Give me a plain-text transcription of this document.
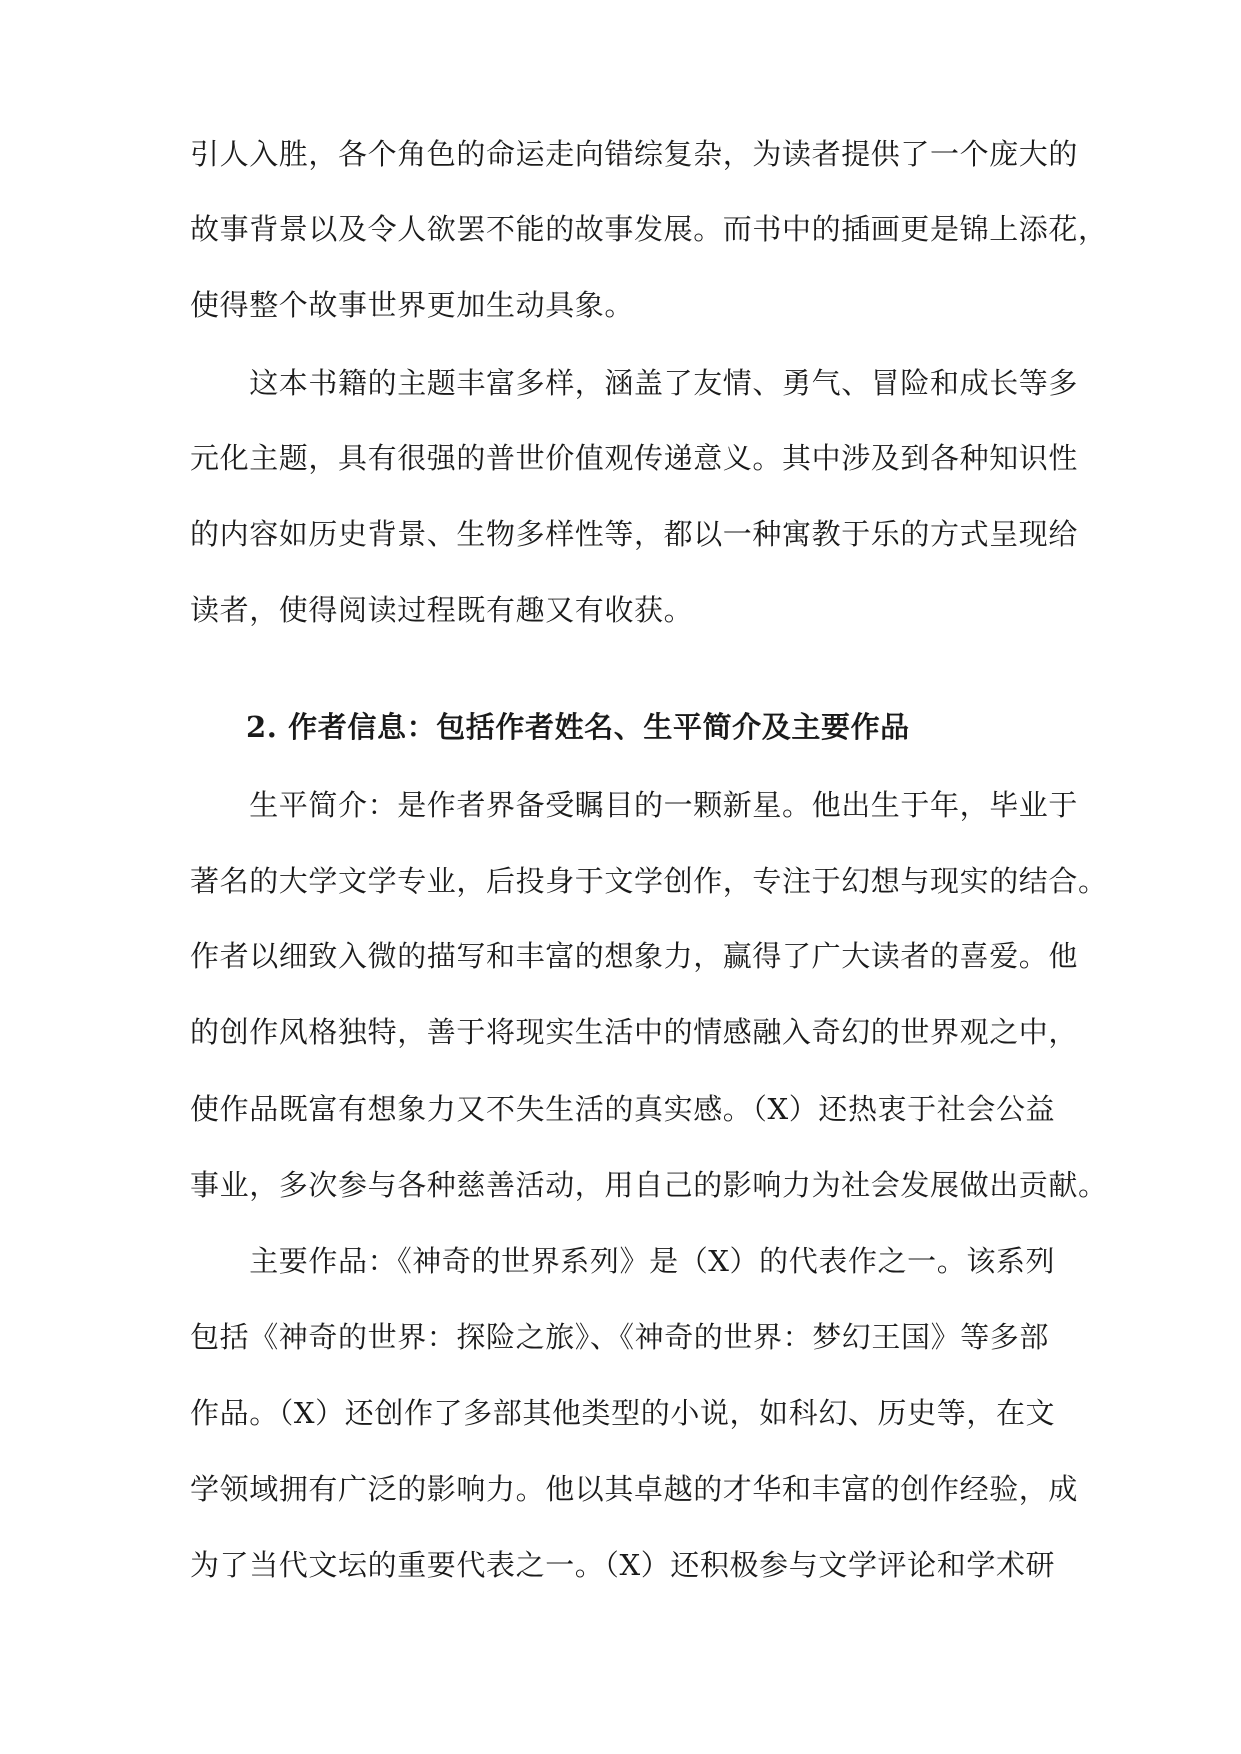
引人入胜，各个角色的命运走向错综复杂，为读者提供了一个庞大的
故事背景以及令人欲罢不能的故事发展。而书中的插画更是锦上添花，
使得整个故事世界更加生动具象。
　　这本书籍的主题丰富多样，涵盖了友情、勇气、冒险和成长等多
元化主题，具有很强的普世价值观传递意义。其中涉及到各种知识性
的内容如历史背景、生物多样性等，都以一种寓教于乐的方式呈现给
读者，使得阅读过程既有趣又有收获。
2. 作者信息：包括作者姓名、生平简介及主要作品
　　生平简介：是作者界备受瞩目的一颗新星。他出生于年，毕业于
著名的大学文学专业，后投身于文学创作，专注于幻想与现实的结合。
作者以细致入微的描写和丰富的想象力，赢得了广大读者的喜爱。他
的创作风格独特，善于将现实生活中的情感融入奇幻的世界观之中，
使作品既富有想象力又不失生活的真实感。（X）还热衷于社会公益
事业，多次参与各种慈善活动，用自己的影响力为社会发展做出贡献。
　　主要作品：《神奇的世界系列》是（X）的代表作之一。该系列
包括《神奇的世界：探险之旅》、《神奇的世界：梦幻王国》等多部
作品。（X）还创作了多部其他类型的小说，如科幻、历史等，在文
学领域拥有广泛的影响力。他以其卓越的才华和丰富的创作经验，成
为了当代文坛的重要代表之一。（X）还积极参与文学评论和学术研
